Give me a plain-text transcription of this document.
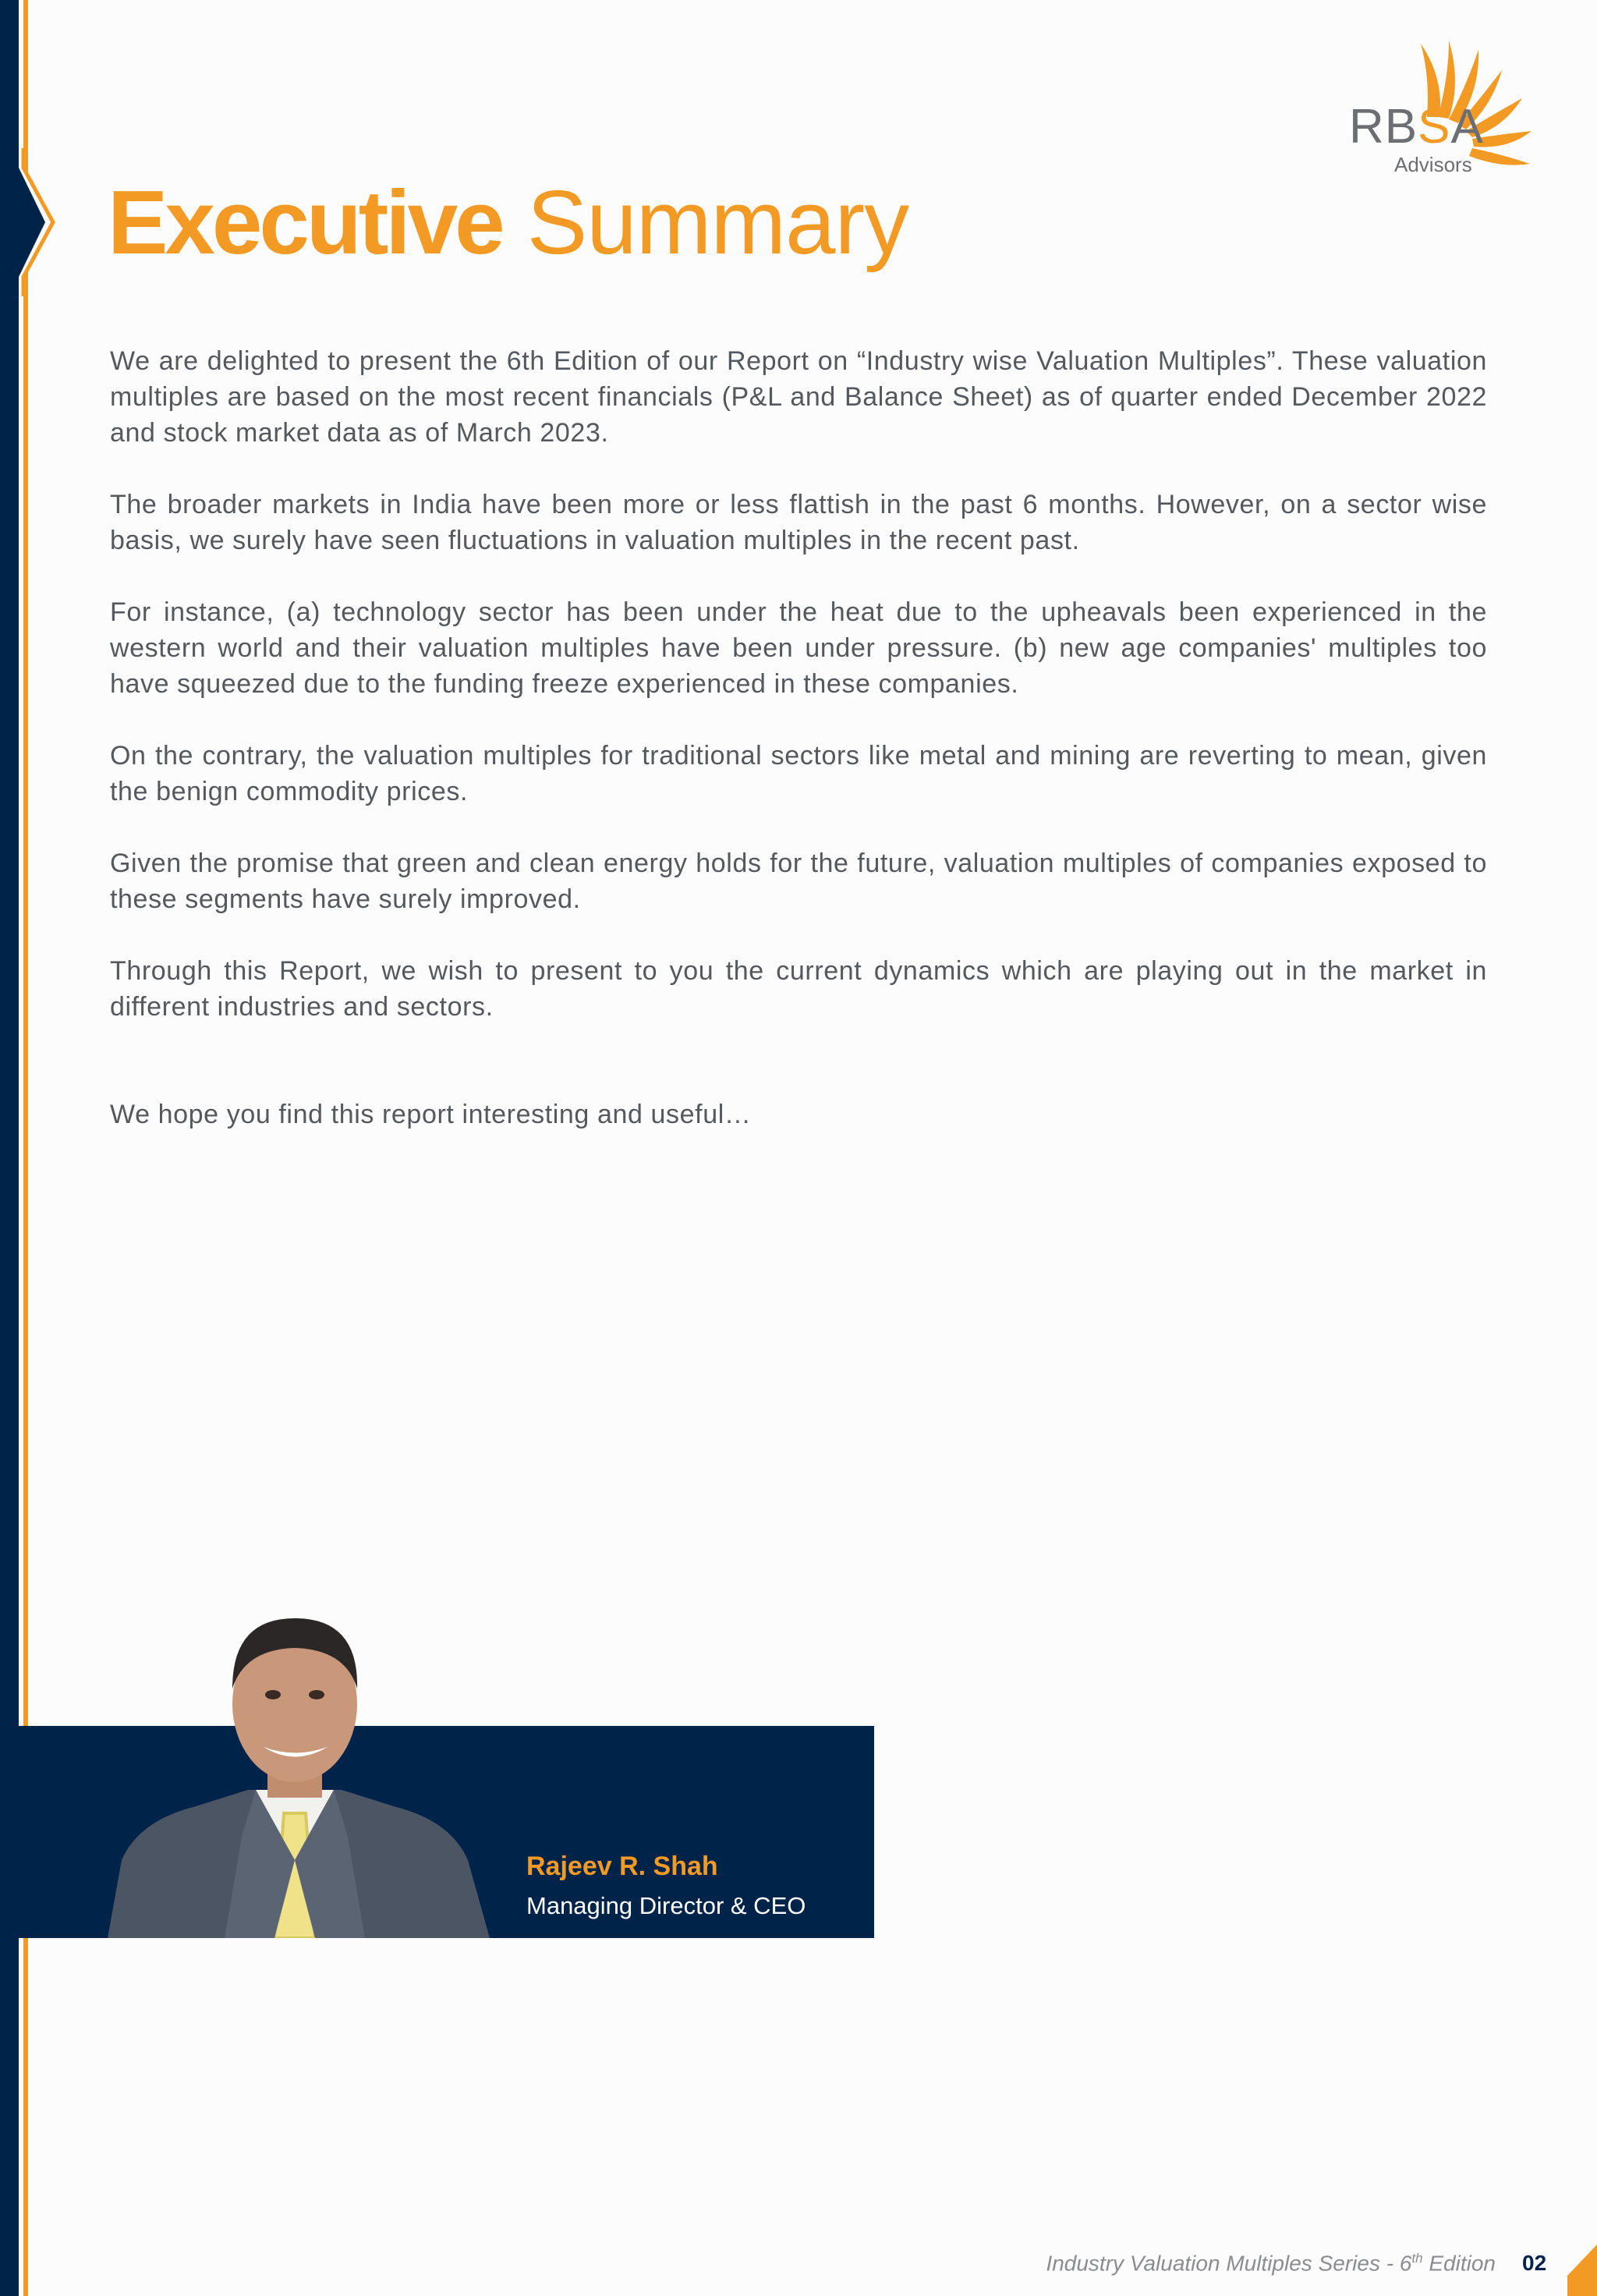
RBSA
Advisors
Executive Summary

We are delighted to present the 6th Edition of our Report on “Industry wise Valuation Multiples”. These valuation multiples are based on the most recent financials (P&L and Balance Sheet) as of quarter ended December 2022 and stock market data as of March 2023.

The broader markets in India have been more or less flattish in the past 6 months. However, on a sector wise basis, we surely have seen fluctuations in valuation multiples in the recent past.

For instance, (a) technology sector has been under the heat due to the upheavals been experienced in the western world and their valuation multiples have been under pressure. (b) new age companies' multiples too have squeezed due to the funding freeze experienced in these companies.

On the contrary, the valuation multiples for traditional sectors like metal and mining are reverting to mean, given the benign commodity prices.

Given the promise that green and clean energy holds for the future, valuation multiples of companies exposed to these segments have surely improved.

Through this Report, we wish to present to you the current dynamics which are playing out in the market in different industries and sectors.

We hope you find this report interesting and useful…

Rajeev R. Shah
Managing Director & CEO
Industry Valuation Multiples Series - 6th Edition 02
